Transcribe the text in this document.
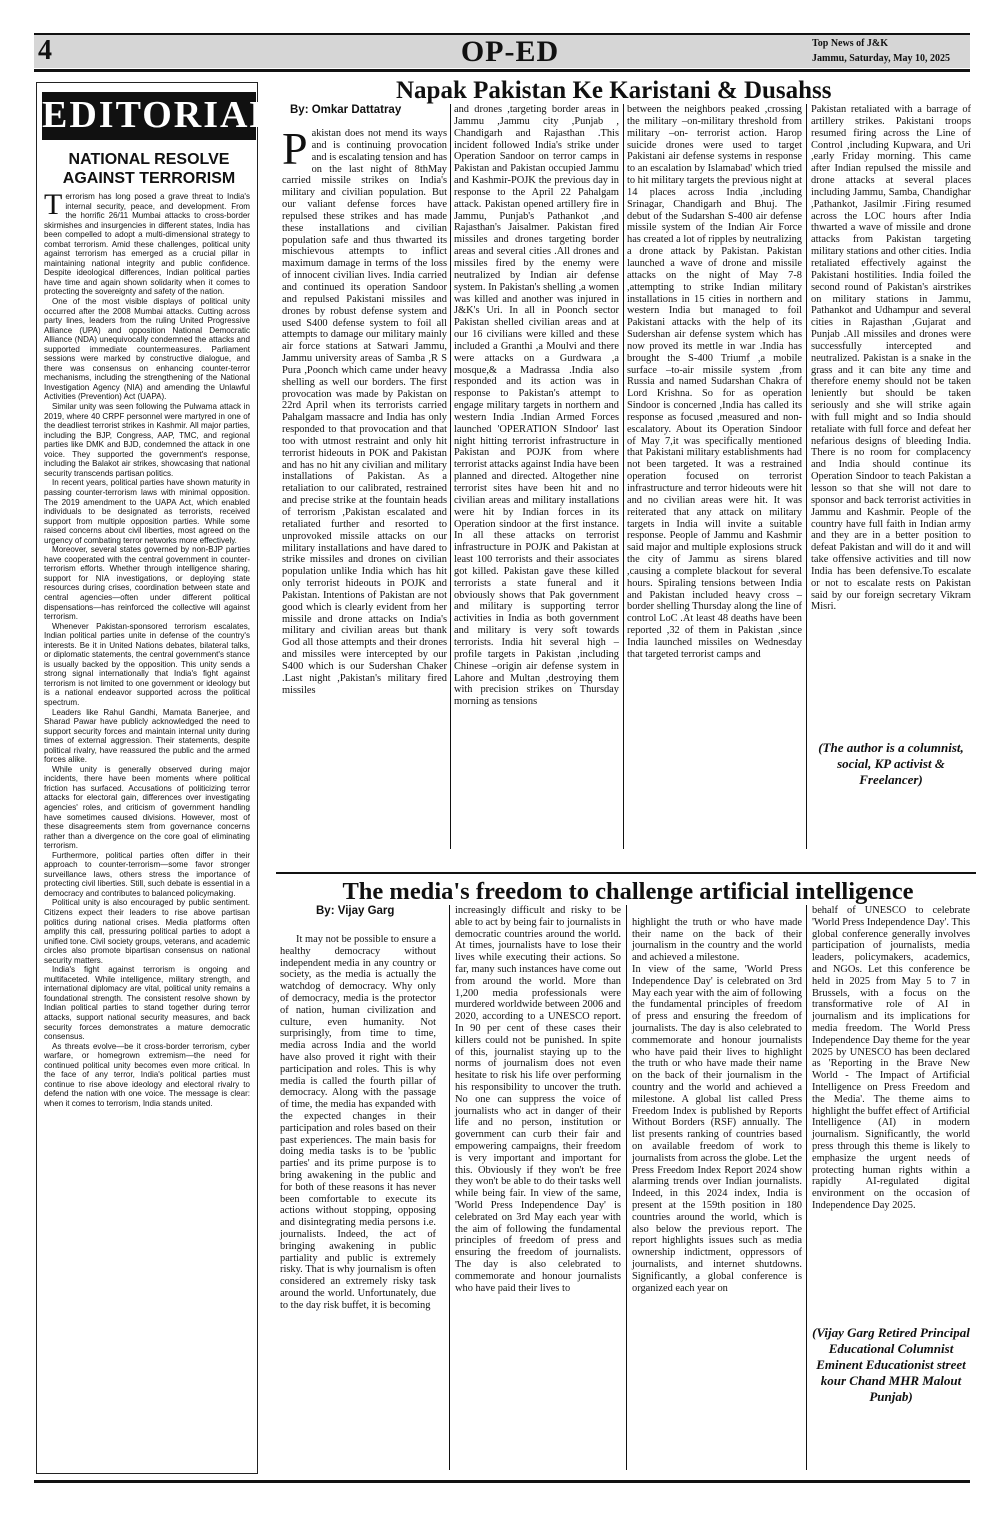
4	OP-ED	Top News of J&K
Jammu, Saturday, May 10, 2025
EDITORIAL
NATIONAL RESOLVE AGAINST TERRORISM

Terrorism has long posed a grave threat to India's internal security, peace, and development. From the horrific 26/11 Mumbai attacks to cross-border skirmishes and insurgencies in different states, India has been compelled to adopt a multi-dimensional strategy to combat terrorism. Amid these challenges, political unity against terrorism has emerged as a crucial pillar in maintaining national integrity and public confidence. Despite ideological differences, Indian political parties have time and again shown solidarity when it comes to protecting the sovereignty and safety of the nation.

One of the most visible displays of political unity occurred after the 2008 Mumbai attacks. Cutting across party lines, leaders from the ruling United Progressive Alliance (UPA) and opposition National Democratic Alliance (NDA) unequivocally condemned the attacks and supported immediate countermeasures. Parliament sessions were marked by constructive dialogue, and there was consensus on enhancing counter-terror mechanisms, including the strengthening of the National Investigation Agency (NIA) and amending the Unlawful Activities (Prevention) Act (UAPA).

Similar unity was seen following the Pulwama attack in 2019, where 40 CRPF personnel were martyred in one of the deadliest terrorist strikes in Kashmir. All major parties, including the BJP, Congress, AAP, TMC, and regional parties like DMK and BJD, condemned the attack in one voice. They supported the government's response, including the Balakot air strikes, showcasing that national security transcends partisan politics.

In recent years, political parties have shown maturity in passing counter-terrorism laws with minimal opposition. The 2019 amendment to the UAPA Act, which enabled individuals to be designated as terrorists, received support from multiple opposition parties. While some raised concerns about civil liberties, most agreed on the urgency of combating terror networks more effectively.

Moreover, several states governed by non-BJP parties have cooperated with the central government in counter-terrorism efforts. Whether through intelligence sharing, support for NIA investigations, or deploying state resources during crises, coordination between state and central agencies—often under different political dispensations—has reinforced the collective will against terrorism.

Whenever Pakistan-sponsored terrorism escalates, Indian political parties unite in defense of the country's interests. Be it in United Nations debates, bilateral talks, or diplomatic statements, the central government's stance is usually backed by the opposition. This unity sends a strong signal internationally that India's fight against terrorism is not limited to one government or ideology but is a national endeavor supported across the political spectrum.

Leaders like Rahul Gandhi, Mamata Banerjee, and Sharad Pawar have publicly acknowledged the need to support security forces and maintain internal unity during times of external aggression. Their statements, despite political rivalry, have reassured the public and the armed forces alike.

While unity is generally observed during major incidents, there have been moments where political friction has surfaced. Accusations of politicizing terror attacks for electoral gain, differences over investigating agencies' roles, and criticism of government handling have sometimes caused divisions. However, most of these disagreements stem from governance concerns rather than a divergence on the core goal of eliminating terrorism.

Furthermore, political parties often differ in their approach to counter-terrorism—some favor stronger surveillance laws, others stress the importance of protecting civil liberties. Still, such debate is essential in a democracy and contributes to balanced policymaking.

Political unity is also encouraged by public sentiment. Citizens expect their leaders to rise above partisan politics during national crises. Media platforms often amplify this call, pressuring political parties to adopt a unified tone. Civil society groups, veterans, and academic circles also promote bipartisan consensus on national security matters.

India's fight against terrorism is ongoing and multifaceted. While intelligence, military strength, and international diplomacy are vital, political unity remains a foundational strength. The consistent resolve shown by Indian political parties to stand together during terror attacks, support national security measures, and back security forces demonstrates a mature democratic consensus.

As threats evolve—be it cross-border terrorism, cyber warfare, or homegrown extremism—the need for continued political unity becomes even more critical. In the face of any terror, India's political parties must continue to rise above ideology and electoral rivalry to defend the nation with one voice. The message is clear: when it comes to terrorism, India stands united.

Napak Pakistan Ke Karistani & Dusahss
By: Omkar Dattatray

Pakistan does not mend its ways and is continuing provocation and is escalating tension and has on the last night of 8thMay carried missile strikes on India's military and civilian population. But our valiant defense forces have repulsed these strikes and has made these installations and civilian population safe and thus thwarted its mischievous attempts to inflict maximum damage in terms of the loss of innocent civilian lives. India carried and continued its operation Sandoor and repulsed Pakistani missiles and drones by robust defense system and used S400 defense system to foil all attempts to damage our military mainly air force stations at Satwari Jammu, Jammu university areas of Samba ,R S Pura ,Poonch which came under heavy shelling as well our borders. The first provocation was made by Pakistan on 22rd April when its terrorists carried Pahalgam massacre and India has only responded to that provocation and that too with utmost restraint and only hit terrorist hideouts in POK and Pakistan and has no hit any civilian and military installations of Pakistan. As a retaliation to our calibrated, restrained and precise strike at the fountain heads of terrorism ,Pakistan escalated and retaliated further and resorted to unprovoked missile attacks on our military installations and have dared to strike missiles and drones on civilian population unlike India which has hit only terrorist hideouts in POJK and Pakistan. Intentions of Pakistan are not good which is clearly evident from her missile and drone attacks on India's military and civilian areas but thank God all those attempts and their drones and missiles were intercepted by our S400 which is our Sudershan Chaker .Last night ,Pakistan's military fired missiles

and drones ,targeting border areas in Jammu ,Jammu city ,Punjab , Chandigarh and Rajasthan .This incident followed India's strike under Operation Sandoor on terror camps in Pakistan and Pakistan occupied Jammu and Kashmir-POJK the previous day in response to the April 22 Pahalgam attack. Pakistan opened artillery fire in Jammu, Punjab's Pathankot ,and Rajasthan's Jaisalmer. Pakistan fired missiles and drones targeting border areas and several cities .All drones and missiles fired by the enemy were neutralized by Indian air defense system. In Pakistan's shelling ,a women was killed and another was injured in J&K's Uri. In all in Poonch sector Pakistan shelled civilian areas and at our 16 civilians were killed and these included a Granthi ,a Moulvi and there were attacks on a Gurdwara ,a mosque,& a Madrassa .India also responded and its action was in response to Pakistan's attempt to engage military targets in northern and western India .Indian Armed Forces launched 'OPERATION SIndoor' last night hitting terrorist infrastructure in Pakistan and POJK from where terrorist attacks against India have been planned and directed. Altogether nine terrorist sites have been hit and no civilian areas and military installations were hit by Indian forces in its Operation sindoor at the first instance. In all these attacks on terrorist infrastructure in POJK and Pakistan at least 100 terrorists and their associates got killed. Pakistan gave these killed terrorists a state funeral and it obviously shows that Pak government and military is supporting terror activities in India as both government and military is very soft towards terrorists. India hit several high –profile targets in Pakistan ,including Chinese –origin air defense system in Lahore and Multan ,destroying them with precision strikes on Thursday morning as tensions

between the neighbors peaked ,crossing the military –on-military threshold from military –on- terrorist action. Harop suicide drones were used to target Pakistani air defense systems in response to an escalation by Islamabad' which tried to hit military targets the previous night at 14 places across India ,including Srinagar, Chandigarh and Bhuj. The debut of the Sudarshan S-400 air defense missile system of the Indian Air Force has created a lot of ripples by neutralizing a drone attack by Pakistan. Pakistan launched a wave of drone and missile attacks on the night of May 7-8 ,attempting to strike Indian military installations in 15 cities in northern and western India but managed to foil Pakistani attacks with the help of its Sudershan air defense system which has now proved its mettle in war .India has brought the S-400 Triumf ,a mobile surface –to-air missile system ,from Russia and named Sudarshan Chakra of Lord Krishna. So for as operation Sindoor is concerned ,India has called its response as focused ,measured and non-escalatory. About its Operation Sindoor of May 7,it was specifically mentioned that Pakistani military establishments had not been targeted. It was a restrained operation focused on terrorist infrastructure and terror hideouts were hit and no civilian areas were hit. It was reiterated that any attack on military targets in India will invite a suitable response. People of Jammu and Kashmir said major and multiple explosions struck the city of Jammu as sirens blared ,causing a complete blackout for several hours. Spiraling tensions between India and Pakistan included heavy cross –border shelling Thursday along the line of control LoC .At least 48 deaths have been reported ,32 of them in Pakistan ,since India launched missiles on Wednesday that targeted terrorist camps and

Pakistan retaliated with a barrage of artillery strikes. Pakistani troops resumed firing across the Line of Control ,including Kupwara, and Uri ,early Friday morning. This came after Indian repulsed the missile and drone attacks at several places including Jammu, Samba, Chandighar ,Pathankot, Jasilmir .Firing resumed across the LOC hours after India thwarted a wave of missile and drone attacks from Pakistan targeting military stations and other cities. India retaliated effectively against the Pakistani hostilities. India foiled the second round of Pakistan's airstrikes on military stations in Jammu, Pathankot and Udhampur and several cities in Rajasthan ,Gujarat and Punjab .All missiles and drones were successfully intercepted and neutralized. Pakistan is a snake in the grass and it can bite any time and therefore enemy should not be taken leniently but should be taken seriously and she will strike again with full might and so India should retaliate with full force and defeat her nefarious designs of bleeding India. There is no room for complacency and India should continue its Operation Sindoor to teach Pakistan a lesson so that she will not dare to sponsor and back terrorist activities in Jammu and Kashmir. People of the country have full faith in Indian army and they are in a better position to defeat Pakistan and will do it and will take offensive activities and till now India has been defensive.To escalate or not to escalate rests on Pakistan said by our foreign secretary Vikram Misri.

(The author is a columnist, social, KP activist & Freelancer)
The media's freedom to challenge artificial intelligence
By: Vijay Garg

It may not be possible to ensure a healthy democracy without independent media in any country or society, as the media is actually the watchdog of democracy. Why only of democracy, media is the protector of nation, human civilization and culture, even humanity. Not surprisingly, from time to time, media across India and the world have also proved it right with their participation and roles. This is why media is called the fourth pillar of democracy. Along with the passage of time, the media has expanded with the expected changes in their participation and roles based on their past experiences. The main basis for doing media tasks is to be 'public parties' and its prime purpose is to bring awakening in the public and for both of these reasons it has never been comfortable to execute its actions without stopping, opposing and disintegrating media persons i.e. journalists. Indeed, the act of bringing awakening in public partiality and public is extremely risky. That is why journalism is often considered an extremely risky task around the world. Unfortunately, due to the day risk buffet, it is becoming

increasingly difficult and risky to be able to act by being fair to journalists in democratic countries around the world. At times, journalists have to lose their lives while executing their actions. So far, many such instances have come out from around the world. More than 1,200 media professionals were murdered worldwide between 2006 and 2020, according to a UNESCO report. In 90 per cent of these cases their killers could not be punished. In spite of this, journalist staying up to the norms of journalism does not even hesitate to risk his life over performing his responsibility to uncover the truth. No one can suppress the voice of journalists who act in danger of their life and no person, institution or government can curb their fair and empowering campaigns, their freedom is very important and important for this. Obviously if they won't be free they won't be able to do their tasks well while being fair. In view of the same, 'World Press Independence Day' is celebrated on 3rd May each year with the aim of following the fundamental principles of freedom of press and ensuring the freedom of journalists. The day is also celebrated to commemorate and honour journalists who have paid their lives to

highlight the truth or who have made their name on the back of their journalism in the country and the world and achieved a milestone.
In view of the same, 'World Press Independence Day' is celebrated on 3rd May each year with the aim of following the fundamental principles of freedom of press and ensuring the freedom of journalists. The day is also celebrated to commemorate and honour journalists who have paid their lives to highlight the truth or who have made their name on the back of their journalism in the country and the world and achieved a milestone. A global list called Press Freedom Index is published by Reports Without Borders (RSF) annually. The list presents ranking of countries based on available freedom of work to journalists from across the globe. Let the Press Freedom Index Report 2024 show alarming trends over Indian journalists. Indeed, in this 2024 index, India is present at the 159th position in 180 countries around the world, which is also below the previous report. The report highlights issues such as media ownership indictment, oppressors of journalists, and internet shutdowns. Significantly, a global conference is organized each year on

behalf of UNESCO to celebrate 'World Press Independence Day'. This global conference generally involves participation of journalists, media leaders, policymakers, academics, and NGOs. Let this conference be held in 2025 from May 5 to 7 in Brussels, with a focus on the transformative role of AI in journalism and its implications for media freedom. The World Press Independence Day theme for the year 2025 by UNESCO has been declared as 'Reporting in the Brave New World - The Impact of Artificial Intelligence on Press Freedom and the Media'. The theme aims to highlight the buffet effect of Artificial Intelligence (AI) in modern journalism. Significantly, the world press through this theme is likely to emphasize the urgent needs of protecting human rights within a rapidly AI-regulated digital environment on the occasion of Independence Day 2025.

(Vijay Garg Retired Principal Educational Columnist Eminent Educationist street kour Chand MHR Malout Punjab)
